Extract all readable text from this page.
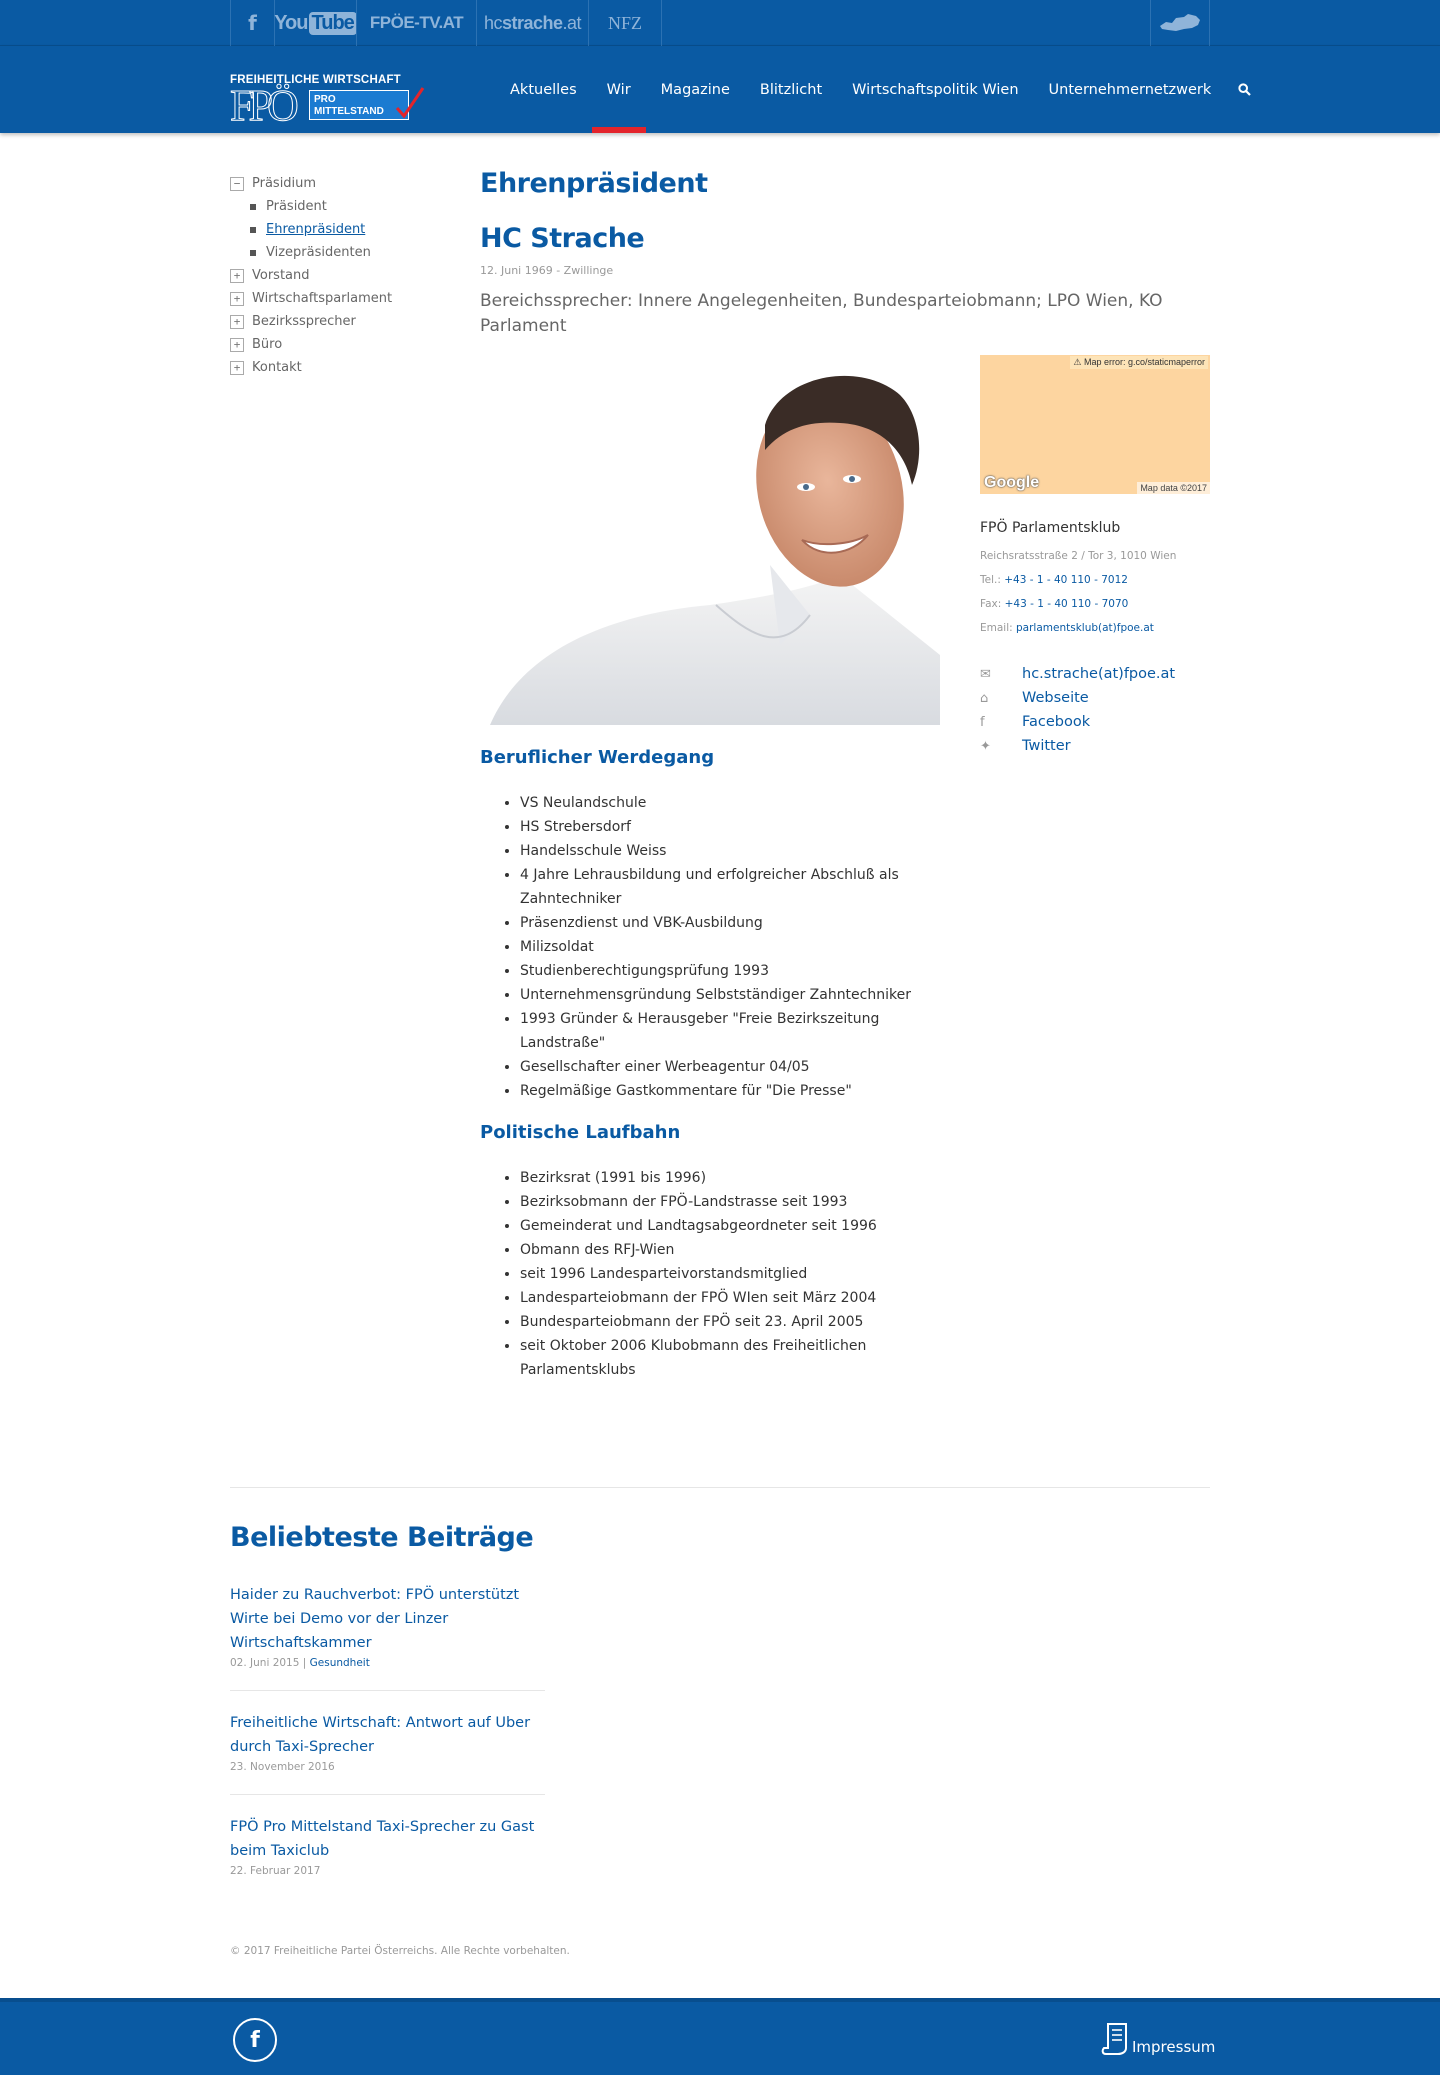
f You Tube FPÖE-TV.AT	hc strache .at	NFZ
FREIHEITLICHE WIRTSCHAFT
FPÖ	PRO
MITTELSTAND
Aktuelles	Wir	Magazine	Blitzlicht	Wirtschaftspolitik Wien	Unternehmernetzwerk
− Präsidium
Präsident
Ehrenpräsident
Vizepräsidenten
+ Vorstand
+ Wirtschaftsparlament
+ Bezirkssprecher
+ Büro
+ Kontakt
Ehrenpräsident
HC Strache
12. Juni 1969 - Zwillinge
Bereichssprecher: Innere Angelegenheiten, Bundesparteiobmann; LPO Wien, KO Parlament
Beruflicher Werdegang
• VS Neulandschule
• HS Strebersdorf
• Handelsschule Weiss
• 4 Jahre Lehrausbildung und erfolgreicher Abschluß als Zahntechniker
• Präsenzdienst und VBK-Ausbildung
• Milizsoldat
• Studienberechtigungsprüfung 1993
• Unternehmensgründung Selbstständiger Zahntechniker
• 1993 Gründer & Herausgeber "Freie Bezirkszeitung Landstraße"
• Gesellschafter einer Werbeagentur 04/05
• Regelmäßige Gastkommentare für "Die Presse"
Politische Laufbahn
• Bezirksrat (1991 bis 1996)
• Bezirksobmann der FPÖ-Landstrasse seit 1993
• Gemeinderat und Landtagsabgeordneter seit 1996
• Obmann des RFJ-Wien
• seit 1996 Landesparteivorstandsmitglied
• Landesparteiobmann der FPÖ WIen seit März 2004
• Bundesparteiobmann der FPÖ seit 23. April 2005
• seit Oktober 2006 Klubobmann des Freiheitlichen Parlamentsklubs
⚠ Map error: g.co/staticmaperror
Google	Map data ©2017
FPÖ Parlamentsklub
Reichsratsstraße 2 / Tor 3, 1010 Wien
Tel.: +43 - 1 - 40 110 - 7012
Fax: +43 - 1 - 40 110 - 7070
Email: parlamentsklub(at)fpoe.at
✉	hc.strache(at)fpoe.at
⌂	Webseite
f	Facebook
✦	Twitter
Beliebteste Beiträge
Haider zu Rauchverbot: FPÖ unterstützt Wirte bei Demo vor der Linzer Wirtschaftskammer
02. Juni 2015 | Gesundheit
Freiheitliche Wirtschaft: Antwort auf Uber durch Taxi-Sprecher
23. November 2016
FPÖ Pro Mittelstand Taxi-Sprecher zu Gast beim Taxiclub
22. Februar 2017
© 2017 Freiheitliche Partei Österreichs. Alle Rechte vorbehalten.
f	Impressum
